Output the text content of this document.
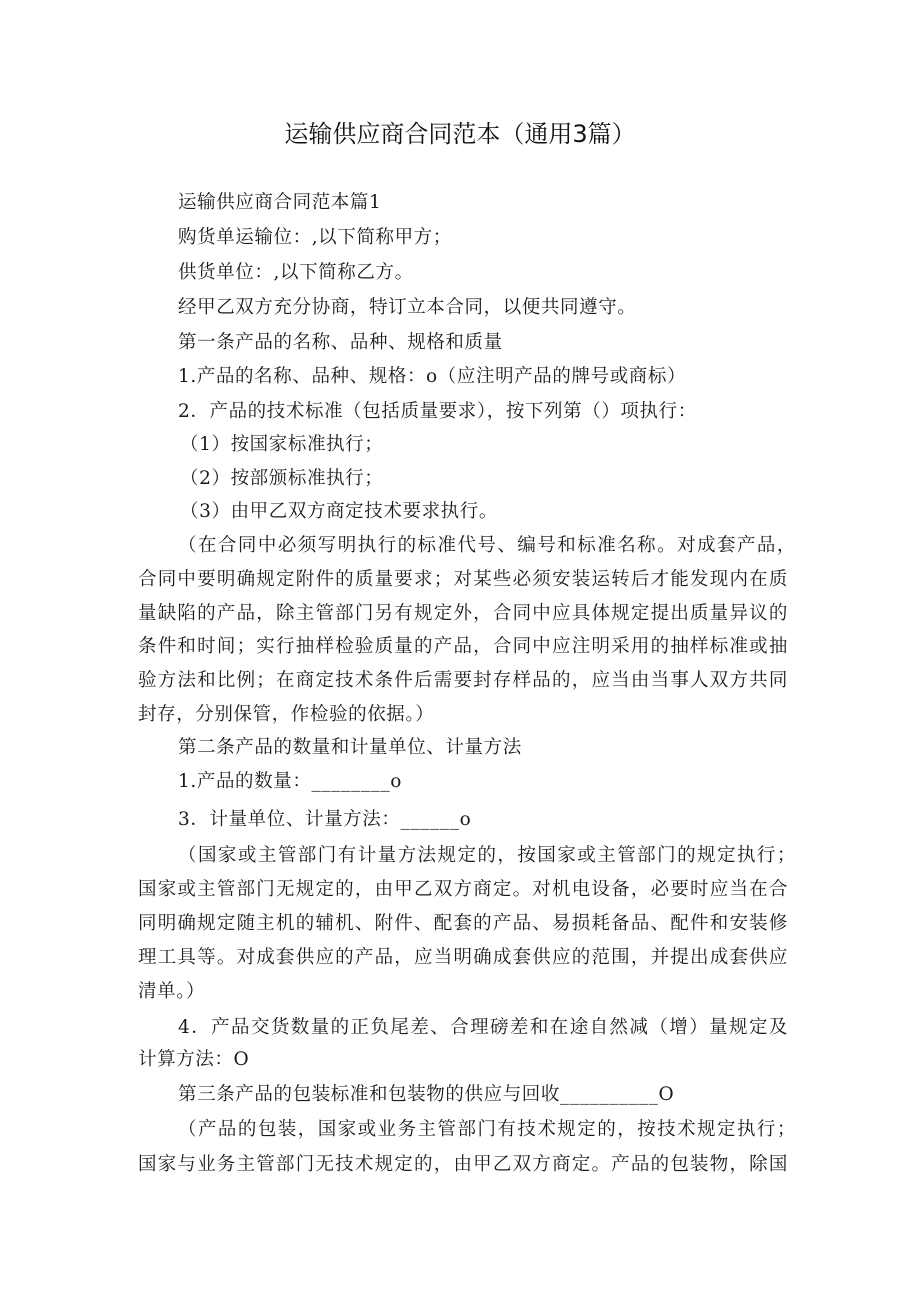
运输供应商合同范本（通用3篇）
运输供应商合同范本篇1
购货单运输位：,以下简称甲方；
供货单位：,以下简称乙方。
经甲乙双方充分协商，特订立本合同，以便共同遵守。
第一条产品的名称、品种、规格和质量
1.产品的名称、品种、规格：o（应注明产品的牌号或商标）
2．产品的技术标准（包括质量要求），按下列第（）项执行：
（1）按国家标准执行；
（2）按部颁标准执行；
（3）由甲乙双方商定技术要求执行。
（在合同中必须写明执行的标准代号、编号和标准名称。对成套产品，
合同中要明确规定附件的质量要求；对某些必须安装运转后才能发现内在质
量缺陷的产品，除主管部门另有规定外，合同中应具体规定提出质量异议的
条件和时间；实行抽样检验质量的产品，合同中应注明采用的抽样标准或抽
验方法和比例；在商定技术条件后需要封存样品的，应当由当事人双方共同
封存，分别保管，作检验的依据。）
第二条产品的数量和计量单位、计量方法
1.产品的数量：________o
3．计量单位、计量方法：______o
（国家或主管部门有计量方法规定的，按国家或主管部门的规定执行；
国家或主管部门无规定的，由甲乙双方商定。对机电设备，必要时应当在合
同明确规定随主机的辅机、附件、配套的产品、易损耗备品、配件和安装修
理工具等。对成套供应的产品，应当明确成套供应的范围，并提出成套供应
清单。）
4．产品交货数量的正负尾差、合理磅差和在途自然减（增）量规定及
计算方法：O
第三条产品的包装标准和包装物的供应与回收__________O
（产品的包装，国家或业务主管部门有技术规定的，按技术规定执行；
国家与业务主管部门无技术规定的，由甲乙双方商定。产品的包装物，除国
